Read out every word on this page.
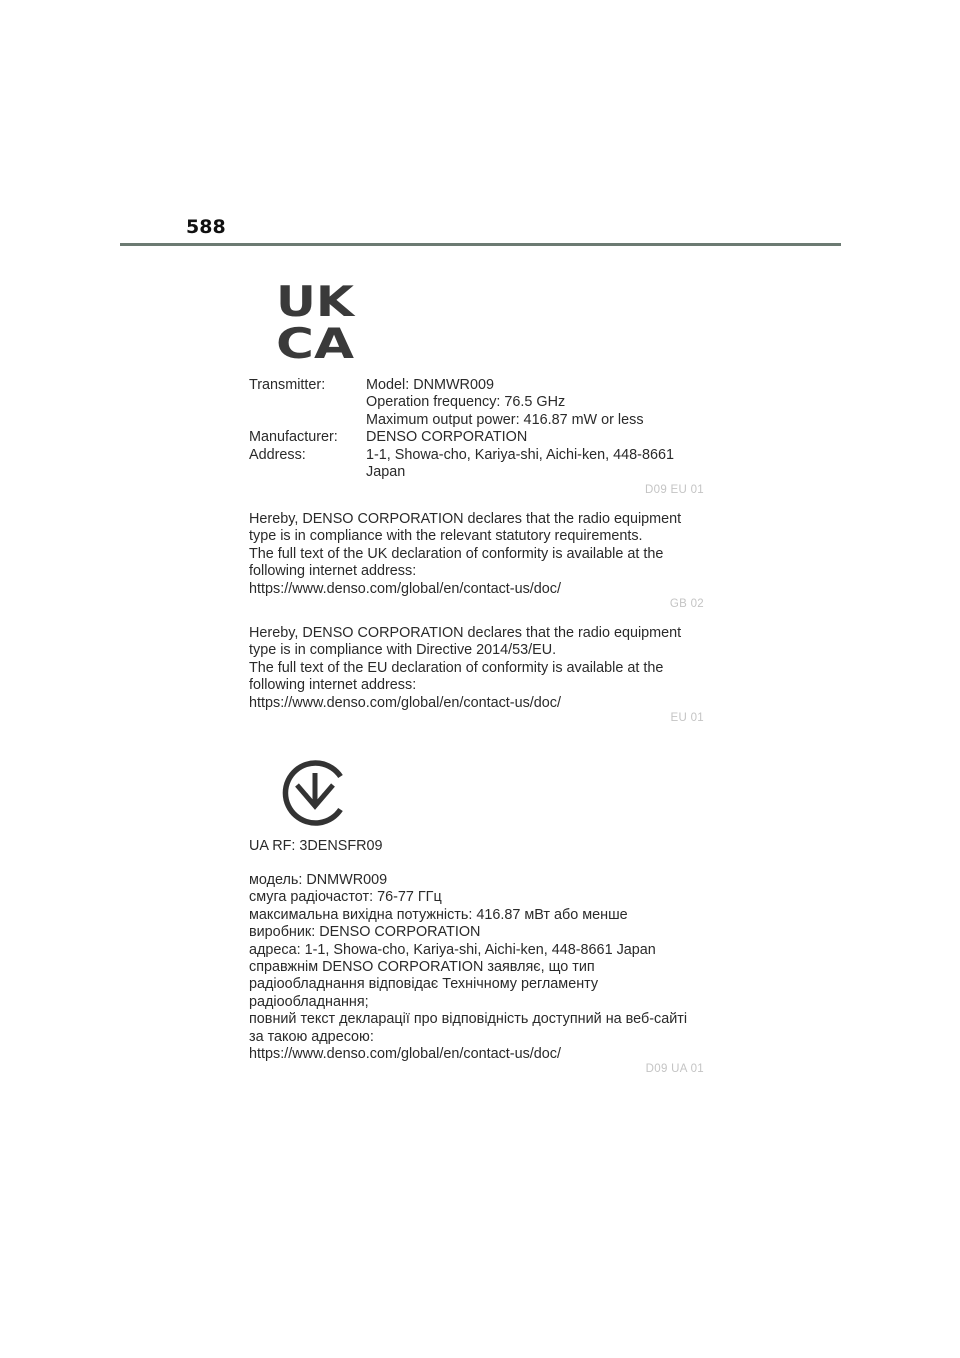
588
UK
CA
Transmitter:	Model: DNMWR009
Operation frequency: 76.5 GHz
Maximum output power: 416.87 mW or less
Manufacturer:	DENSO CORPORATION
Address:	1-1, Showa-cho, Kariya-shi, Aichi-ken, 448-8661
Japan
D09 EU 01

Hereby, DENSO CORPORATION declares that the radio equipment

type is in compliance with the relevant statutory requirements.

The full text of the UK declaration of conformity is available at the

following internet address:

https://www.denso.com/global/en/contact-us/doc/

GB 02

Hereby, DENSO CORPORATION declares that the radio equipment

type is in compliance with Directive 2014/53/EU.

The full text of the EU declaration of conformity is available at the

following internet address:

https://www.denso.com/global/en/contact-us/doc/

EU 01

UA RF: 3DENSFR09

модель: DNMWR009

смуга радіочастот: 76-77 ГГц

максимальна вихідна потужність: 416.87 мВт або менше

виробник: DENSO CORPORATION

адреса: 1-1, Showa-cho, Kariya-shi, Aichi-ken, 448-8661 Japan

справжнім DENSO CORPORATION заявляє, що тип

радіообладнання відповідає Технічному регламенту

радіообладнання;

повний текст декларації про відповідність доступний на веб-сайті

за такою адресою:

https://www.denso.com/global/en/contact-us/doc/

D09 UA 01
